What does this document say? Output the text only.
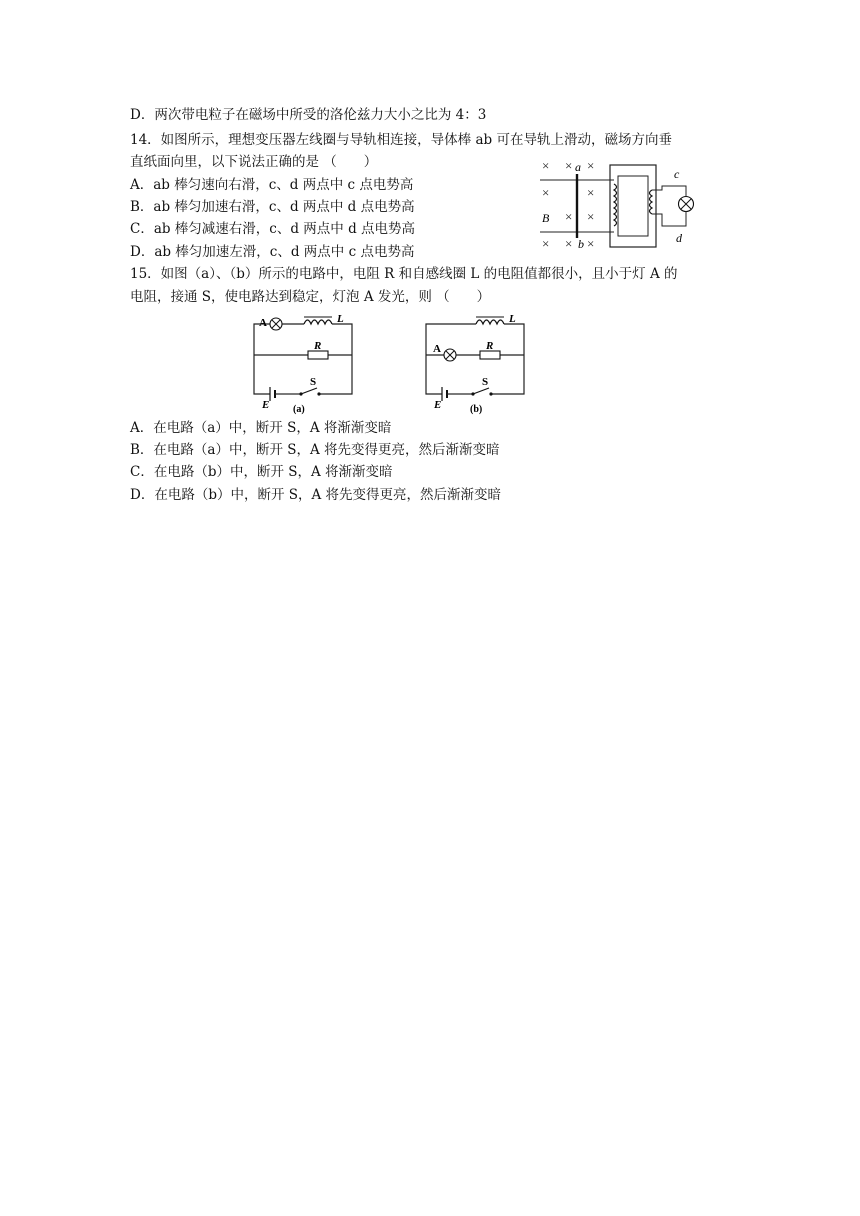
D．两次带电粒子在磁场中所受的洛伦兹力大小之比为 4：3
14．如图所示，理想变压器左线圈与导轨相连接，导体棒 ab 可在导轨上滑动，磁场方向垂
直纸面向里，以下说法正确的是 （　　）
A．ab 棒匀速向右滑，c、d 两点中 c 点电势高
B．ab 棒匀加速右滑，c、d 两点中 d 点电势高
C．ab 棒匀减速右滑，c、d 两点中 d 点电势高
D．ab 棒匀加速左滑，c、d 两点中 c 点电势高
× × ×
×	×
× ×
× × ×
B
a
b
c
d
15．如图（a）、（b）所示的电路中，电阻 R 和自感线圈 L 的电阻值都很小，且小于灯 A 的
电阻，接通 S，使电路达到稳定，灯泡 A 发光，则 （　　）
A	L
R
S
E (a)
A
L
R
S
E	(b)
A．在电路（a）中，断开 S，A 将渐渐变暗
B．在电路（a）中，断开 S，A 将先变得更亮，然后渐渐变暗
C．在电路（b）中，断开 S，A 将渐渐变暗
D．在电路（b）中，断开 S，A 将先变得更亮，然后渐渐变暗
